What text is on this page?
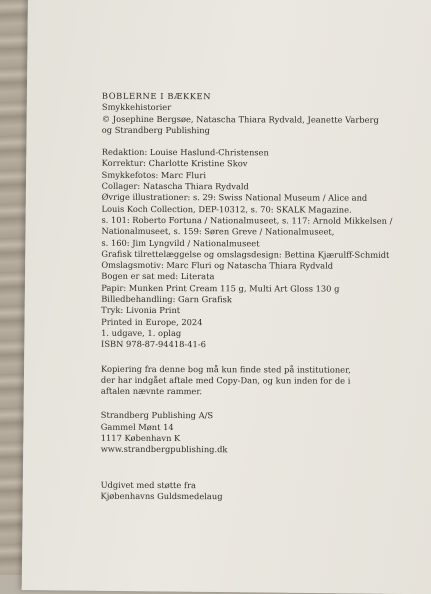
BOBLERNE I BÆKKEN
Smykkehistorier
© Josephine Bergsøe, Natascha Thiara Rydvald, Jeanette Varberg
og Strandberg Publishing
Redaktion: Louise Haslund-Christensen
Korrektur: Charlotte Kristine Skov
Smykkefotos: Marc Fluri
Collager: Natascha Thiara Rydvald
Øvrige illustrationer: s. 29: Swiss National Museum / Alice and
Louis Koch Collection, DEP-10312, s. 70: SKALK Magazine.
s. 101: Roberto Fortuna / Nationalmuseet, s. 117: Arnold Mikkelsen /
Nationalmuseet, s. 159: Søren Greve / Nationalmuseet,
s. 160: Jim Lyngvild / Nationalmuseet
Grafisk tilrettelæggelse og omslagsdesign: Bettina Kjærulff-Schmidt
Omslagsmotiv: Marc Fluri og Natascha Thiara Rydvald
Bogen er sat med: Literata
Papir: Munken Print Cream 115 g, Multi Art Gloss 130 g
Billedbehandling: Garn Grafisk
Tryk: Livonia Print
Printed in Europe, 2024
1. udgave, 1. oplag
ISBN 978-87-94418-41-6
Kopiering fra denne bog må kun finde sted på institutioner,
der har indgået aftale med Copy-Dan, og kun inden for de i
aftalen nævnte rammer.
Strandberg Publishing A/S
Gammel Mønt 14
1117 København K
www.strandbergpublishing.dk
Udgivet med støtte fra
Kjøbenhavns Guldsmedelaug
